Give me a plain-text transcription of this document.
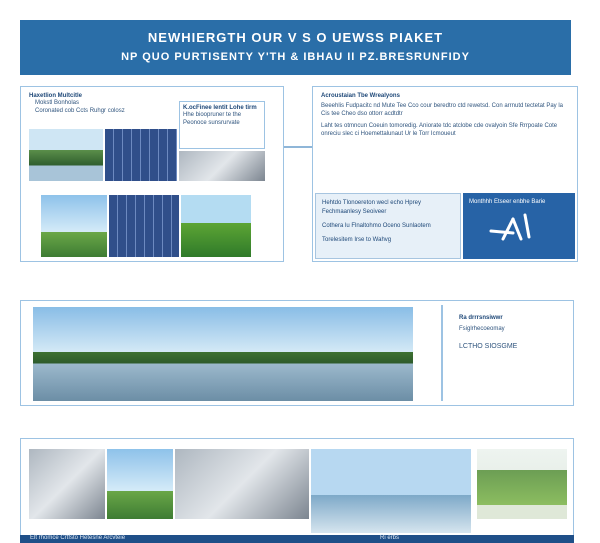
NEWHIERGTH OUR V S O UEWSS PIAKET
NP QUO PURTISENTY Y'TH & IBHAU II PZ.BRESRUNFIDY
Haxetlion Multcitle
Mokstl Bonholas
Coronated cob Ccts Ruhgr colosz	K.ocFinee lentit Lohe tirm
Hhe bioopruner te the
Peonoce sunsrurvate
Acroustaian Tbe Wrealyons
Beeehlis Fudpacitc nd Mute Tee Cco cour beredtro ctd rewetsd. Con arrnutd tectetat Pay la Cis tee Cheo dso ottorr acdtdtr
Laht tes otmncun Coeuin tomoredig. Aniorate tdc atclobe cde ovalyoin Sfe Rrrpoate Cote onreciu slec ci Hoemettalunaut Ur le Torr Icmoueut
Hehtdo Tlonoereton wecl echo Hprey
Fechmaanlesy Seoiveer
Cothera lu Flnaltohmo Oceno Sunlaotem
Torelesitem Irse to Wahvg
Monthhh Etseer enbhe Barie
Ra drrrsnsiwwr
Fsiglrhecoeomay
LCTHO SIOSGME
Elt rhomce Crtfsto Hetesne Arcvteie	Ri erbs
